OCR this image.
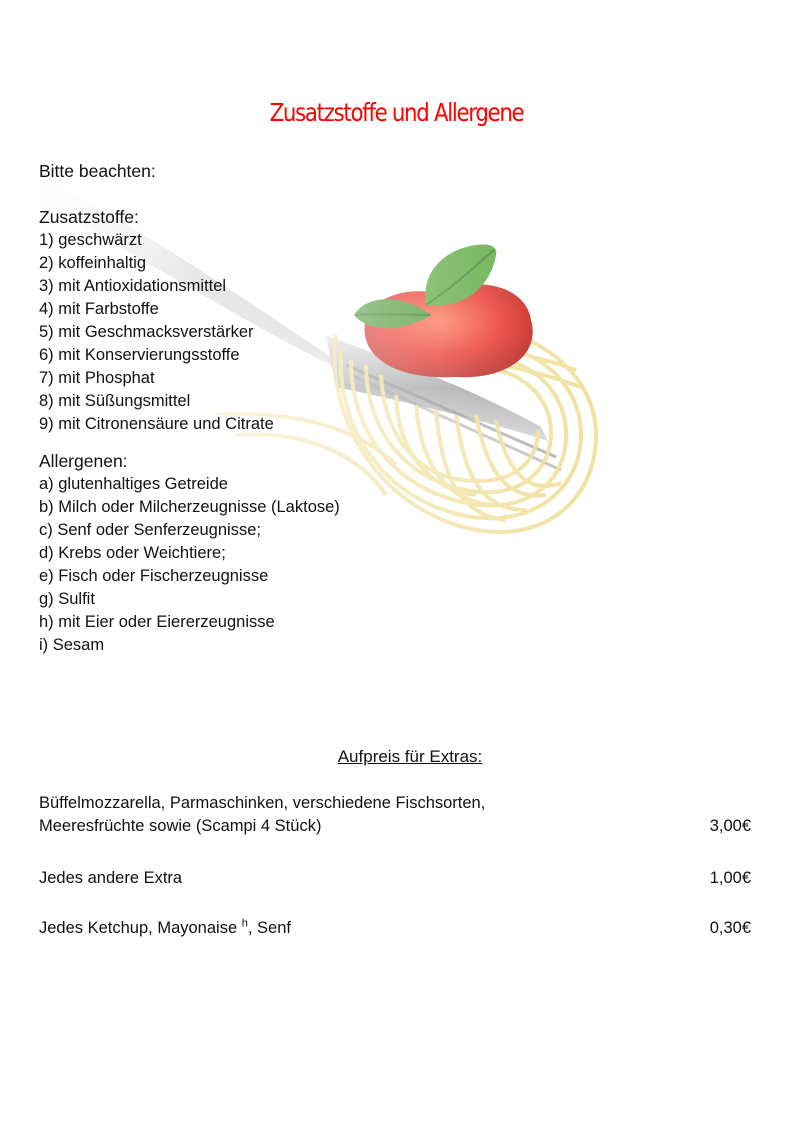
Zusatzstoffe und Allergene
Bitte beachten:
Zusatzstoffe:
1) geschwärzt
2) koffeinhaltig
3) mit Antioxidationsmittel
4) mit Farbstoffe
5) mit Geschmacksverstärker
6) mit Konservierungsstoffe
7) mit Phosphat
8) mit Süßungsmittel
9) mit Citronensäure und Citrate
Allergenen:
a) glutenhaltiges Getreide
b) Milch oder Milcherzeugnisse (Laktose)
c) Senf oder Senferzeugnisse;
d) Krebs oder Weichtiere;
e) Fisch oder Fischerzeugnisse
g) Sulfit
h) mit Eier oder Eiererzeugnisse
i) Sesam
Aufpreis für Extras:
Büffelmozzarella, Parmaschinken, verschiedene Fischsorten,
Meeresfrüchte sowie (Scampi 4 Stück)	3,00€
Jedes andere Extra	1,00€
Jedes Ketchup, Mayonaise $^h$, Senf	0,30€
